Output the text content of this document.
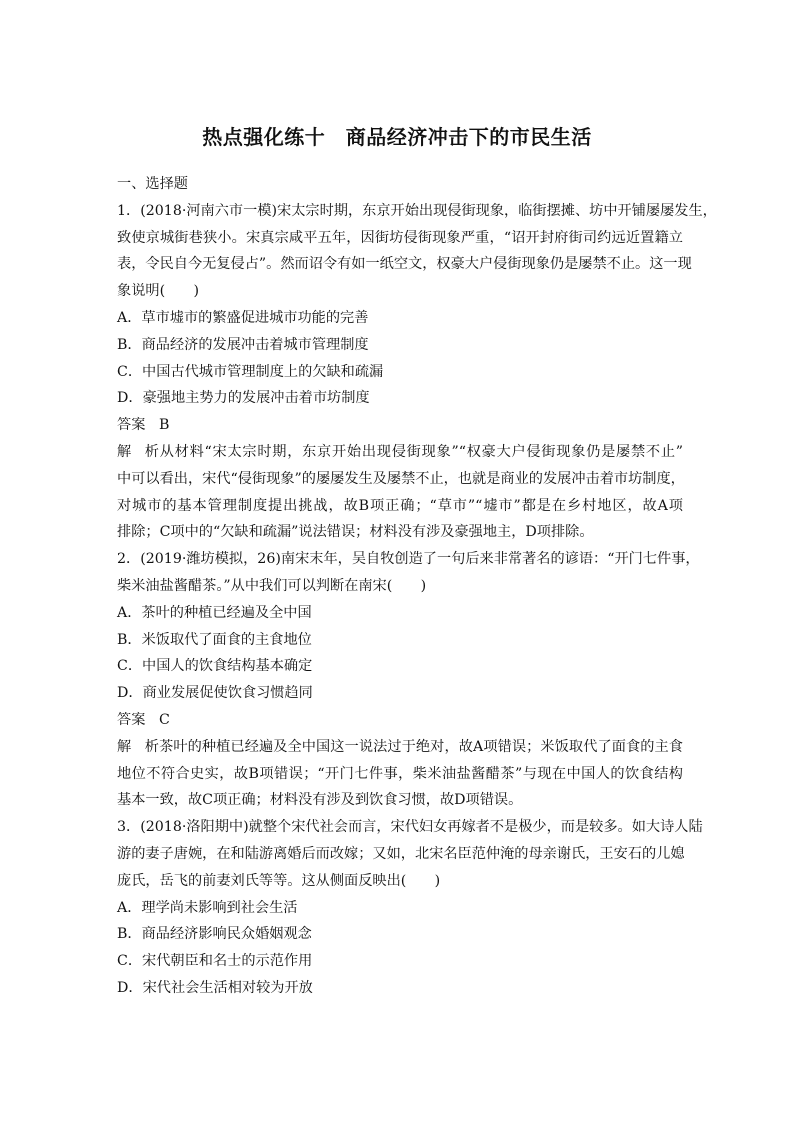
热点强化练十　商品经济冲击下的市民生活
一、选择题
1．(2018·河南六市一模)宋太宗时期，东京开始出现侵街现象，临街摆摊、坊中开铺屡屡发生，
致使京城街巷狭小。宋真宗咸平五年，因街坊侵街现象严重，“诏开封府街司约远近置籍立
表，令民自今无复侵占”。然而诏令有如一纸空文，权豪大户侵街现象仍是屡禁不止。这一现
象说明(　　)
A．草市墟市的繁盛促进城市功能的完善
B．商品经济的发展冲击着城市管理制度
C．中国古代城市管理制度上的欠缺和疏漏
D．豪强地主势力的发展冲击着市坊制度
答案 B
解析从材料“宋太宗时期，东京开始出现侵街现象”“权豪大户侵街现象仍是屡禁不止”
中可以看出，宋代“侵街现象”的屡屡发生及屡禁不止，也就是商业的发展冲击着市坊制度，
对城市的基本管理制度提出挑战，故B项正确；“草市”“墟市”都是在乡村地区，故A项
排除；C项中的“欠缺和疏漏”说法错误；材料没有涉及豪强地主，D项排除。
2．(2019·潍坊模拟，26)南宋末年，吴自牧创造了一句后来非常著名的谚语：“开门七件事，
柴米油盐酱醋茶。”从中我们可以判断在南宋(　　)
A．茶叶的种植已经遍及全中国
B．米饭取代了面食的主食地位
C．中国人的饮食结构基本确定
D．商业发展促使饮食习惯趋同
答案 C
解析茶叶的种植已经遍及全中国这一说法过于绝对，故A项错误；米饭取代了面食的主食
地位不符合史实，故B项错误；“开门七件事，柴米油盐酱醋茶”与现在中国人的饮食结构
基本一致，故C项正确；材料没有涉及到饮食习惯，故D项错误。
3．(2018·洛阳期中)就整个宋代社会而言，宋代妇女再嫁者不是极少，而是较多。如大诗人陆
游的妻子唐婉，在和陆游离婚后而改嫁；又如，北宋名臣范仲淹的母亲谢氏，王安石的儿媳
庞氏，岳飞的前妻刘氏等等。这从侧面反映出(　　)
A．理学尚未影响到社会生活
B．商品经济影响民众婚姻观念
C．宋代朝臣和名士的示范作用
D．宋代社会生活相对较为开放
